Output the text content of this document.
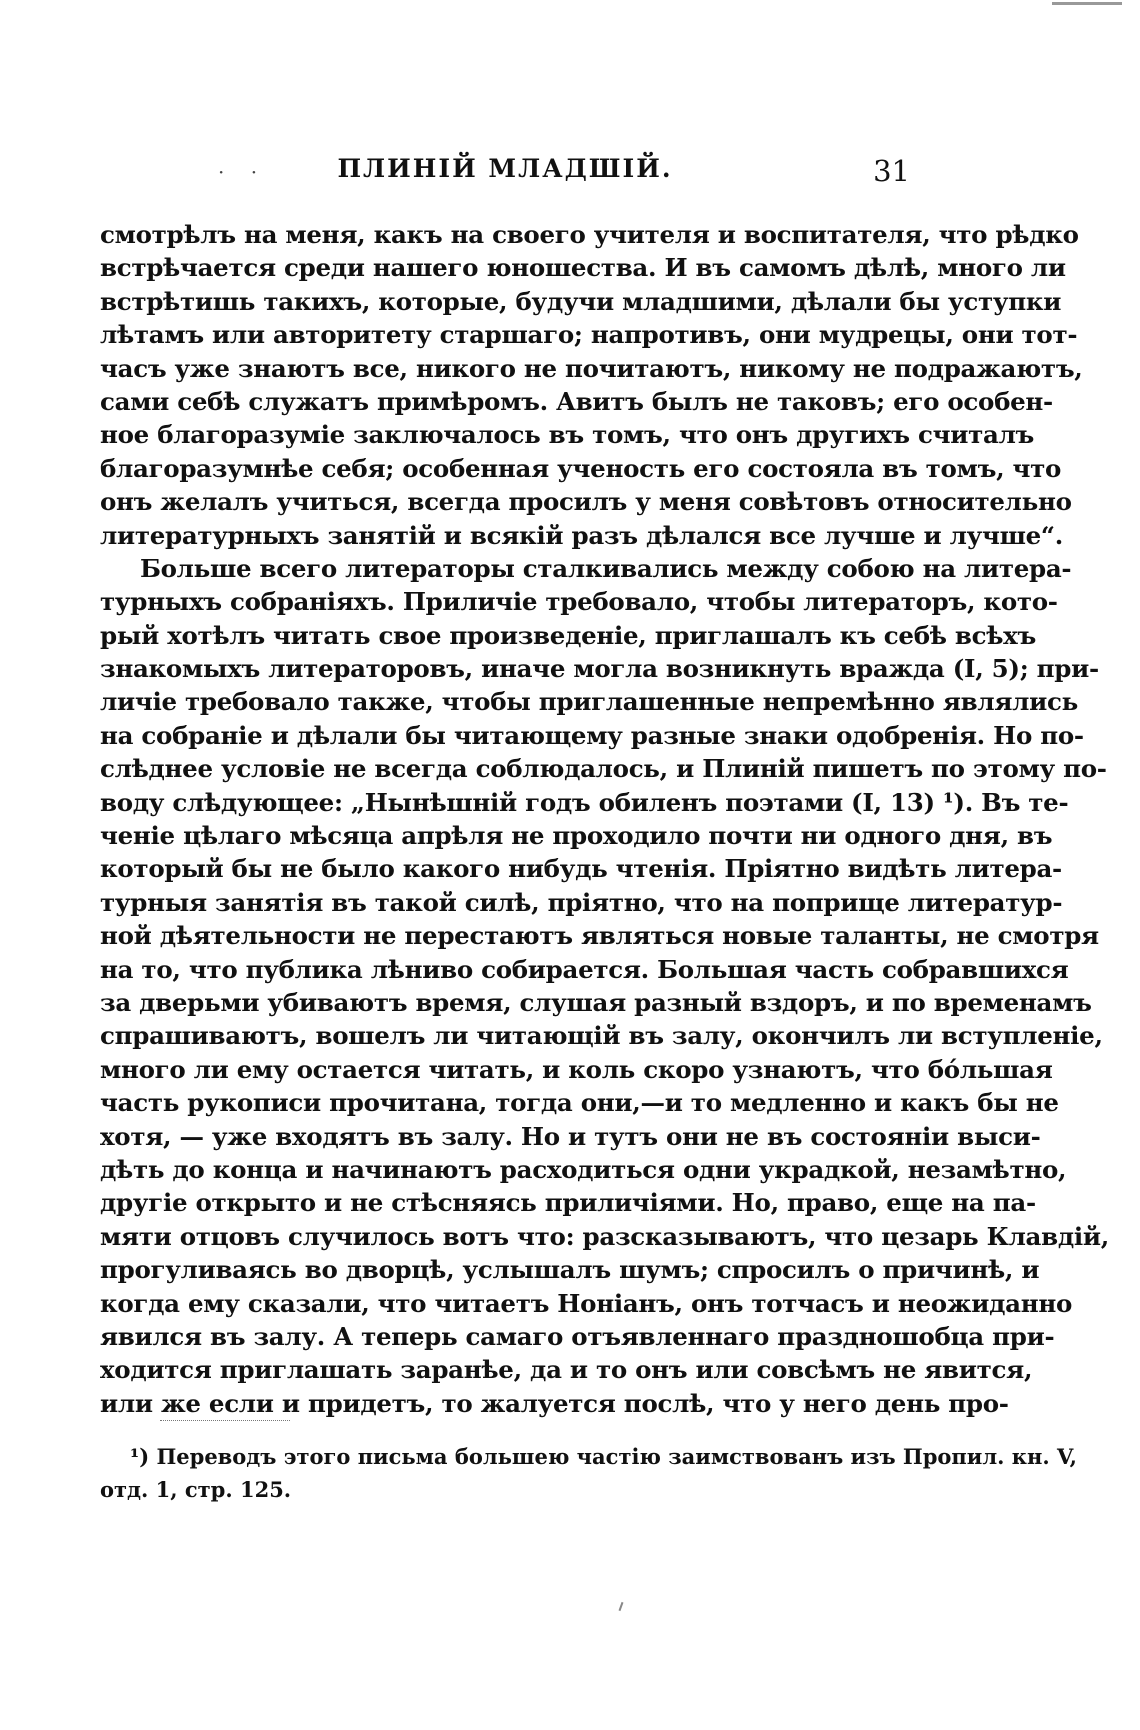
· ·	ПЛИНІЙ МЛАДШІЙ.	31
смотрѣлъ на меня, какъ на своего учителя и воспитателя, что рѣдко
встрѣчается среди нашего юношества. И въ самомъ дѣлѣ, много ли
встрѣтишь такихъ, которые, будучи младшими, дѣлали бы уступки
лѣтамъ или авторитету старшаго; напротивъ, они мудрецы, они тот-
часъ уже знаютъ все, никого не почитаютъ, никому не подражаютъ,
сами себѣ служатъ примѣромъ. Авитъ былъ не таковъ; его особен-
ное благоразуміе заключалось въ томъ, что онъ другихъ считалъ
благоразумнѣе себя; особенная ученость его состояла въ томъ, что
онъ желалъ учиться, всегда просилъ у меня совѣтовъ относительно
литературныхъ занятій и всякій разъ дѣлался все лучше и лучше“.
Больше всего литераторы сталкивались между собою на литера-
турныхъ собраніяхъ. Приличіе требовало, чтобы литераторъ, кото-
рый хотѣлъ читать свое произведеніе, приглашалъ къ себѣ всѣхъ
знакомыхъ литераторовъ, иначе могла возникнуть вражда (I, 5); при-
личіе требовало также, чтобы приглашенные непремѣнно являлись
на собраніе и дѣлали бы читающему разные знаки одобренія. Но по-
слѣднее условіе не всегда соблюдалось, и Плиній пишетъ по этому по-
воду слѣдующее: „Нынѣшній годъ обиленъ поэтами (I, 13) ¹). Въ те-
ченіе цѣлаго мѣсяца апрѣля не проходило почти ни одного дня, въ
который бы не было какого нибудь чтенія. Пріятно видѣть литера-
турныя занятія въ такой силѣ, пріятно, что на поприще литератур-
ной дѣятельности не перестаютъ являться новые таланты, не смотря
на то, что публика лѣниво собирается. Большая часть собравшихся
за дверьми убиваютъ время, слушая разный вздоръ, и по временамъ
спрашиваютъ, вошелъ ли читающій въ залу, окончилъ ли вступленіе,
много ли ему остается читать, и коль скоро узнаютъ, что бо́льшая
часть рукописи прочитана, тогда они,—и то медленно и какъ бы не
хотя, — уже входятъ въ залу. Но и тутъ они не въ состояніи выси-
дѣть до конца и начинаютъ расходиться одни украдкой, незамѣтно,
другіе открыто и не стѣсняясь приличіями. Но, право, еще на па-
мяти отцовъ случилось вотъ что: разсказываютъ, что цезарь Клавдій,
прогуливаясь во дворцѣ, услышалъ шумъ; спросилъ о причинѣ, и
когда ему сказали, что читаетъ Ноніанъ, онъ тотчасъ и неожиданно
явился въ залу. А теперь самаго отъявленнаго праздношобца при-
ходится приглашать заранѣе, да и то онъ или совсѣмъ не явится,
или же если и придетъ, то жалуется послѣ, что у него день про-
¹) Переводъ этого письма большею частію заимствованъ изъ Пропил. кн. V,
отд. 1, стр. 125.
